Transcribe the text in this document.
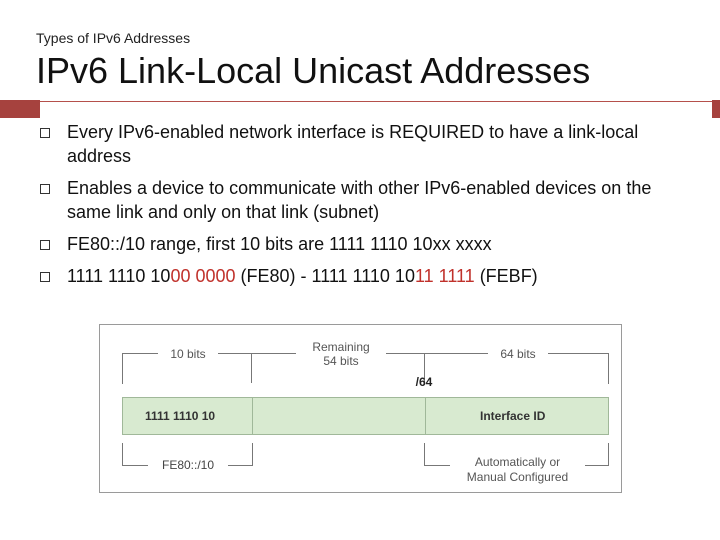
Types of IPv6 Addresses
IPv6 Link-Local Unicast Addresses
Every IPv6-enabled network interface is REQUIRED to have a link-local address
Enables a device to communicate with other IPv6-enabled devices on the same link and only on that link (subnet)
FE80::/10 range, first 10 bits are 1111 1110 10xx xxxx
1111 1110 1000 0000 (FE80) - 1111 1110 1011 1111 (FEBF)
10 bits	Remaining
54 bits	64 bits
/64
1111 1110 10	Interface ID
FE80::/10	Automatically or
Manual Configured
